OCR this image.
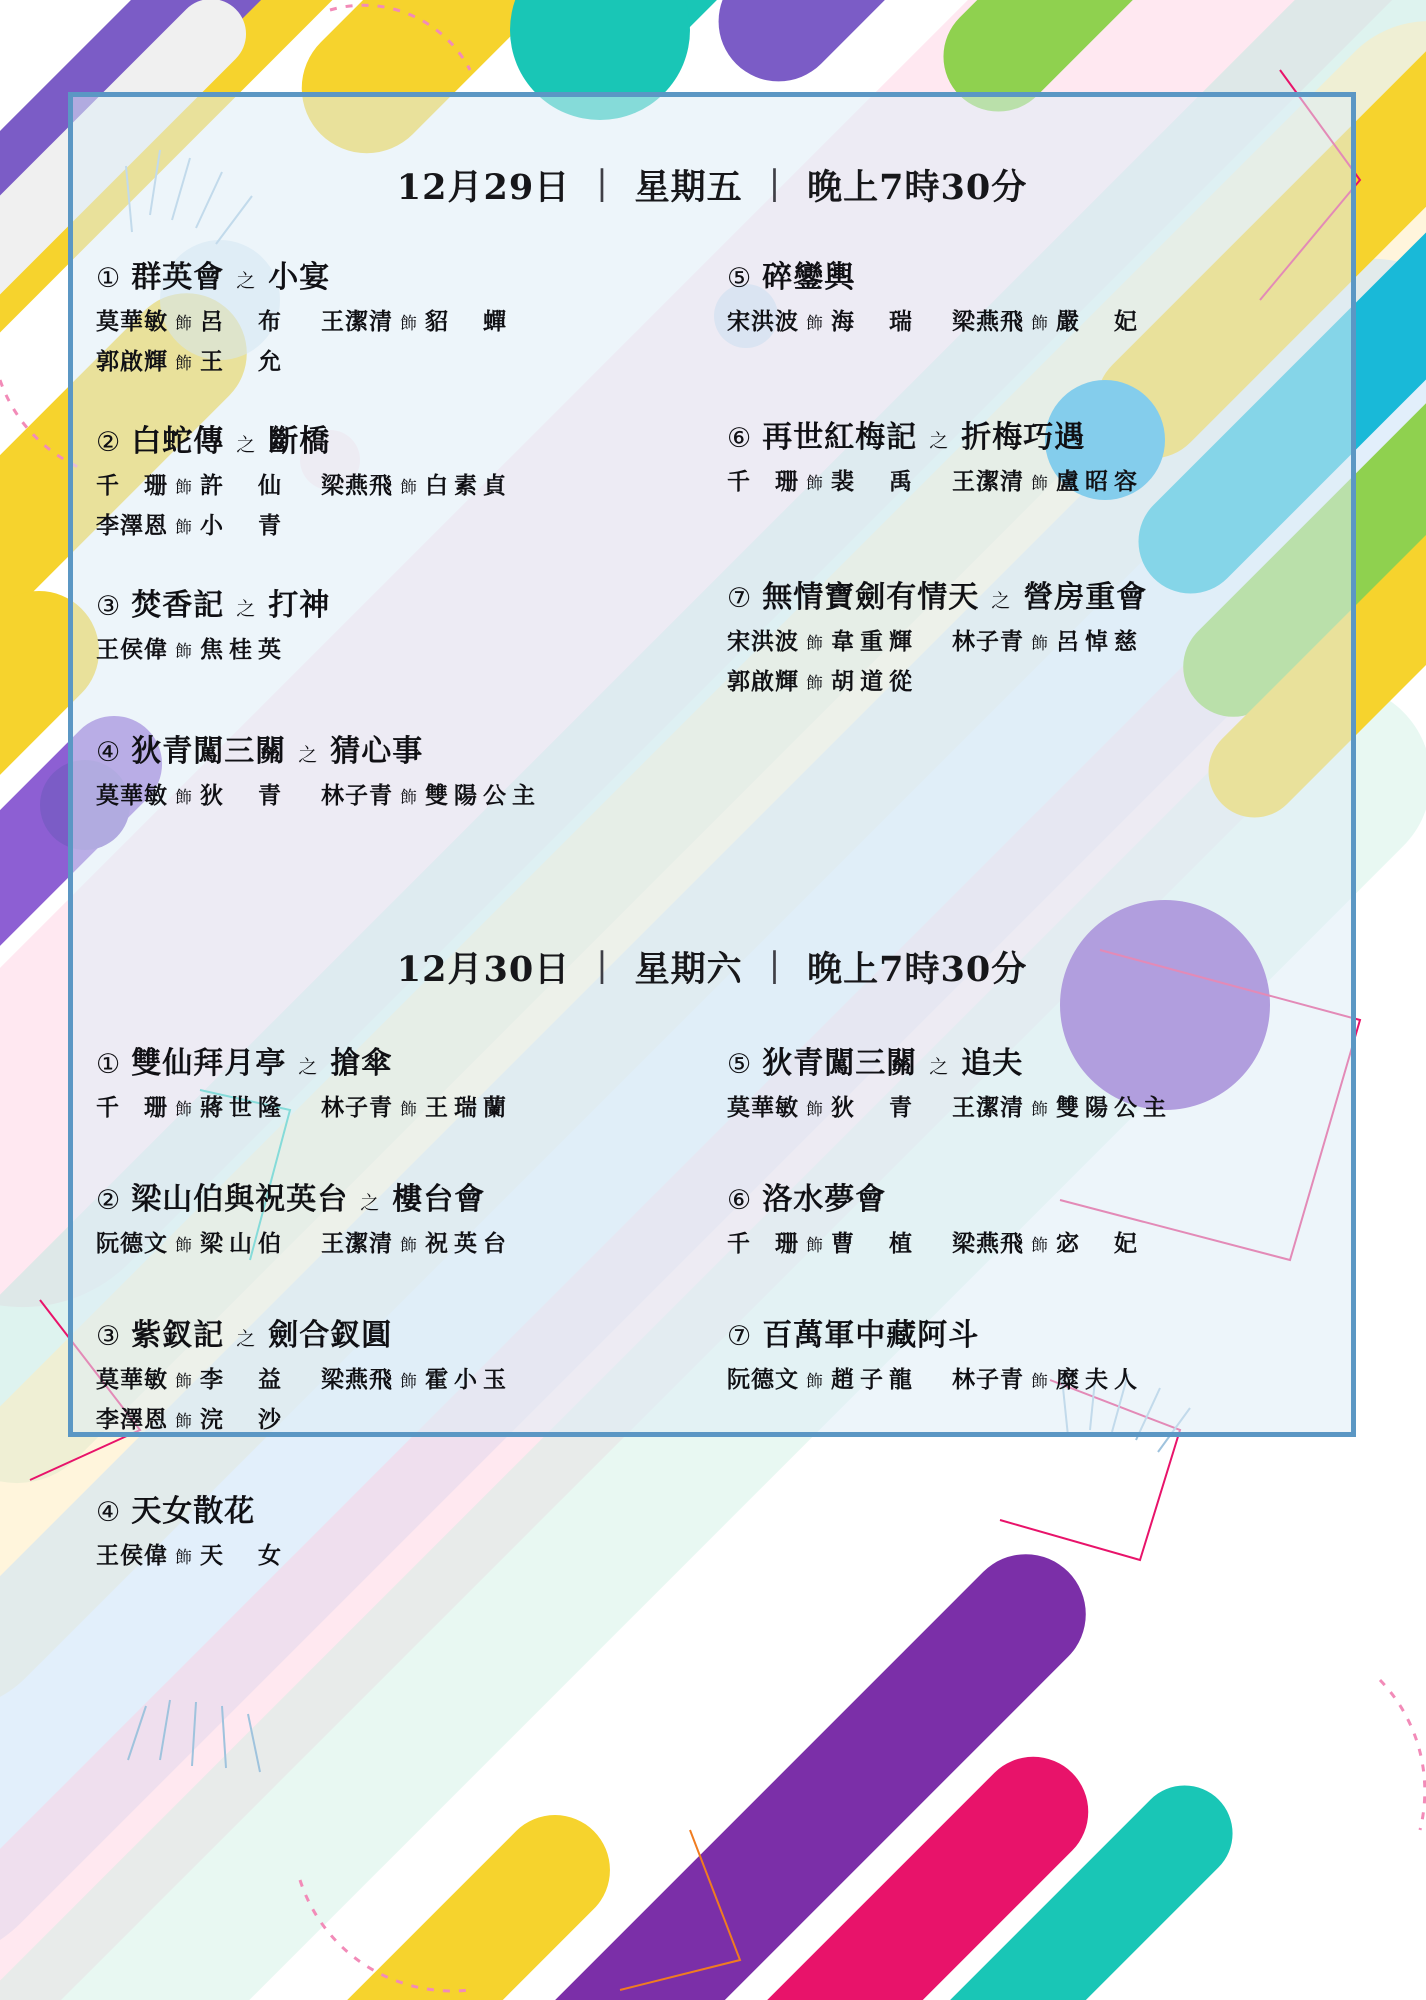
12月29日 | 星期五 | 晚上7時30分
① 群英會 之 小宴
莫華敏 飾 呂　布 王潔清 飾 貂　蟬
郭啟輝 飾 王　允
② 白蛇傳 之 斷橋
千　珊 飾 許　仙 梁燕飛 飾 白素貞
李澤恩 飾 小　青
③ 焚香記 之 打神
王侯偉 飾 焦桂英
④ 狄青闖三關 之 猜心事
莫華敏 飾 狄　青 林子青 飾 雙陽公主
⑤ 碎鑾輿
宋洪波 飾 海　瑞 梁燕飛 飾 嚴　妃
⑥ 再世紅梅記 之 折梅巧遇
千　珊 飾 裴　禹 王潔清 飾 盧昭容
⑦ 無情寶劍有情天 之 營房重會
宋洪波 飾 韋重輝 林子青 飾 呂悼慈
郭啟輝 飾 胡道從
12月30日 | 星期六 | 晚上7時30分
① 雙仙拜月亭 之 搶傘
千　珊 飾 蔣世隆 林子青 飾 王瑞蘭
② 梁山伯與祝英台 之 樓台會
阮德文 飾 梁山伯 王潔清 飾 祝英台
③ 紫釵記 之 劍合釵圓
莫華敏 飾 李　益 梁燕飛 飾 霍小玉
李澤恩 飾 浣　沙
④ 天女散花
王侯偉 飾 天　女
⑤ 狄青闖三關 之 追夫
莫華敏 飾 狄　青 王潔清 飾 雙陽公主
⑥ 洛水夢會
千　珊 飾 曹　植 梁燕飛 飾 宓　妃
⑦ 百萬軍中藏阿斗
阮德文 飾 趙子龍 林子青 飾 糜夫人
